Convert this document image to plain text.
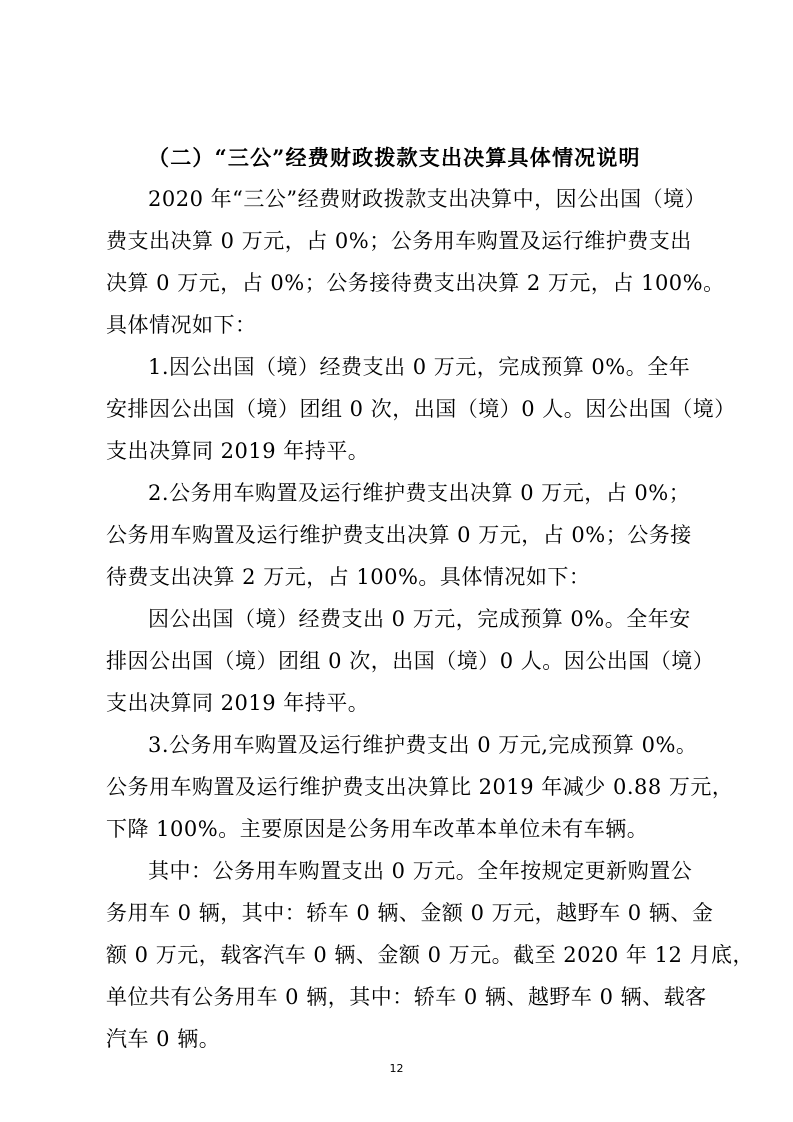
（二）“三公”经费财政拨款支出决算具体情况说明
2020 年“三公”经费财政拨款支出决算中，因公出国（境）
费支出决算 0 万元，占 0%；公务用车购置及运行维护费支出
决算 0 万元，占 0%；公务接待费支出决算 2 万元，占 100%。
具体情况如下：
1.因公出国（境）经费支出 0 万元，完成预算 0%。全年
安排因公出国（境）团组 0 次，出国（境）0 人。因公出国（境）
支出决算同 2019 年持平。
2.公务用车购置及运行维护费支出决算 0 万元，占 0%；
公务用车购置及运行维护费支出决算 0 万元，占 0%；公务接
待费支出决算 2 万元，占 100%。具体情况如下：
因公出国（境）经费支出 0 万元，完成预算 0%。全年安
排因公出国（境）团组 0 次，出国（境）0 人。因公出国（境）
支出决算同 2019 年持平。
3.公务用车购置及运行维护费支出 0 万元,完成预算 0%。
公务用车购置及运行维护费支出决算比 2019 年减少 0.88 万元，
下降 100%。主要原因是公务用车改革本单位未有车辆。
其中：公务用车购置支出 0 万元。全年按规定更新购置公
务用车 0 辆，其中：轿车 0 辆、金额 0 万元，越野车 0 辆、金
额 0 万元，载客汽车 0 辆、金额 0 万元。截至 2020 年 12 月底，
单位共有公务用车 0 辆，其中：轿车 0 辆、越野车 0 辆、载客
汽车 0 辆。
12
